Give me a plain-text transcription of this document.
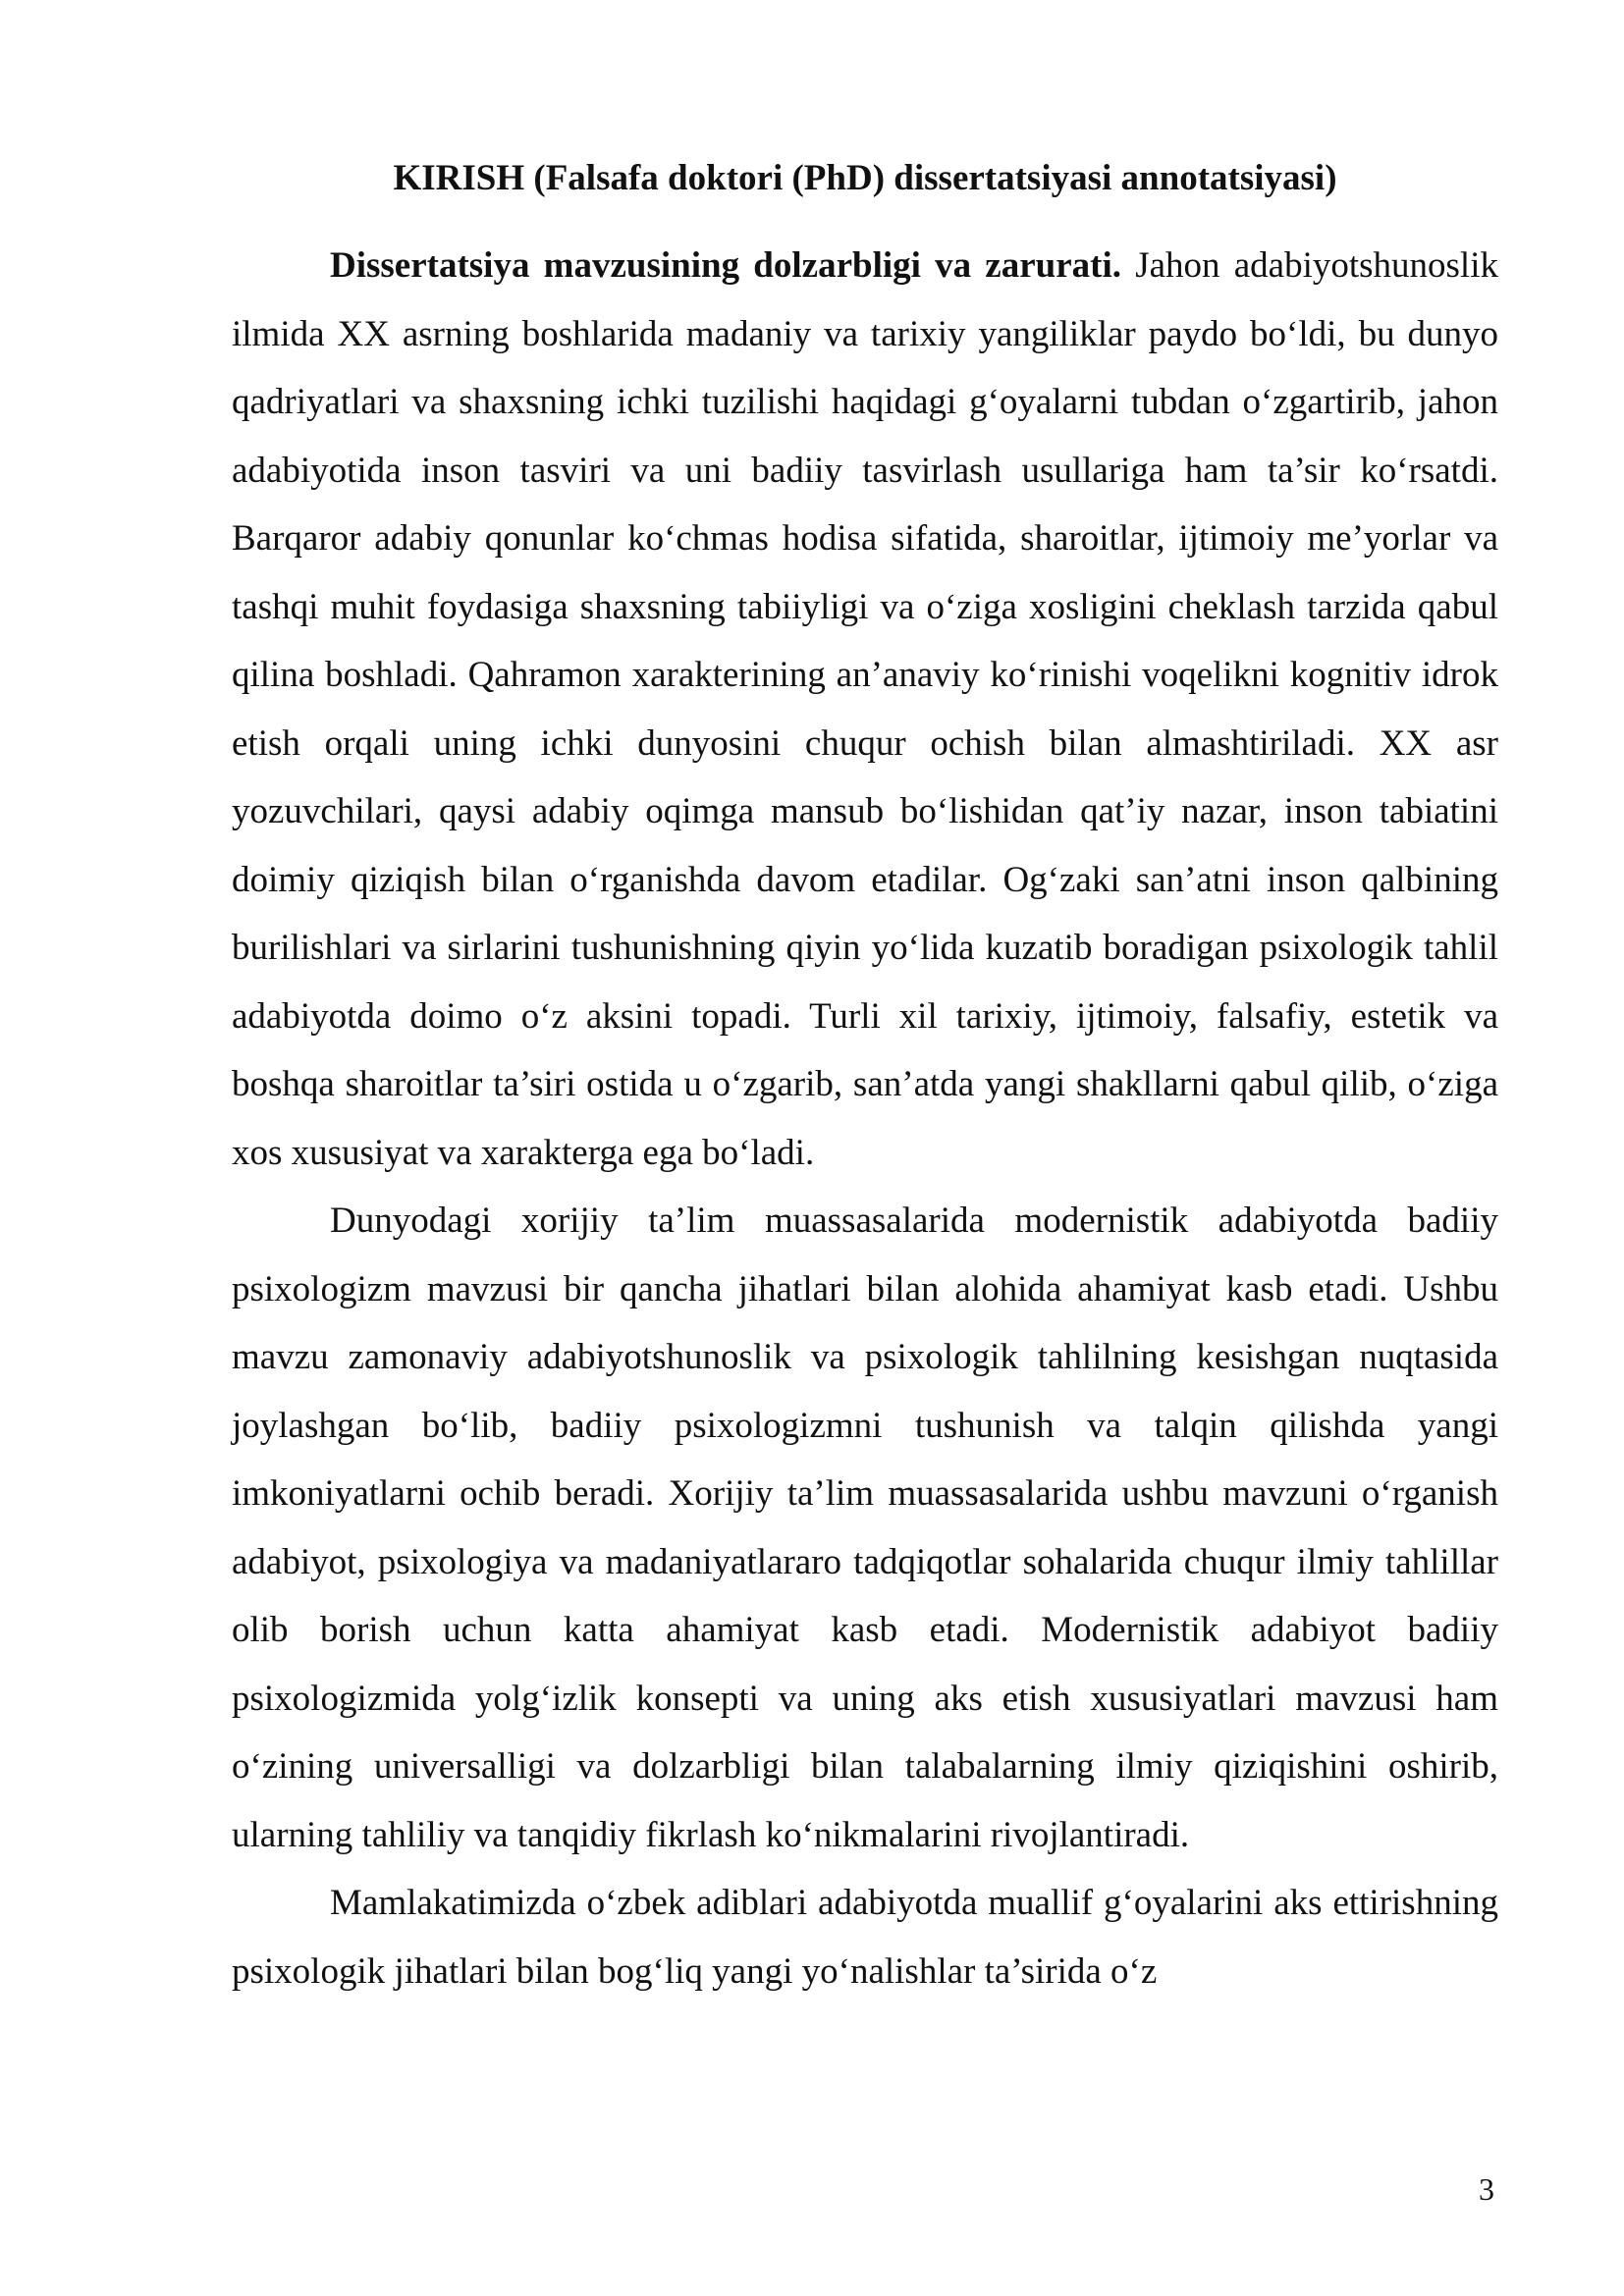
KIRISH (Falsafa doktori (PhD) dissertatsiyasi annotatsiyasi)

Dissertatsiya mavzusining dolzarbligi va zarurati. Jahon adabiyotshunoslik ilmida XX asrning boshlarida madaniy va tarixiy yangiliklar paydo bo‘ldi, bu dunyo qadriyatlari va shaxsning ichki tuzilishi haqidagi g‘oyalarni tubdan o‘zgartirib, jahon adabiyotida inson tasviri va uni badiiy tasvirlash usullariga ham ta’sir ko‘rsatdi. Barqaror adabiy qonunlar ko‘chmas hodisa sifatida, sharoitlar, ijtimoiy me’yorlar va tashqi muhit foydasiga shaxsning tabiiyligi va o‘ziga xosligini cheklash tarzida qabul qilina boshladi. Qahramon xarakterining an’anaviy ko‘rinishi voqelikni kognitiv idrok etish orqali uning ichki dunyosini chuqur ochish bilan almashtiriladi. XX asr yozuvchilari, qaysi adabiy oqimga mansub bo‘lishidan qat’iy nazar, inson tabiatini doimiy qiziqish bilan o‘rganishda davom etadilar. Og‘zaki san’atni inson qalbining burilishlari va sirlarini tushunishning qiyin yo‘lida kuzatib boradigan psixologik tahlil adabiyotda doimo o‘z aksini topadi. Turli xil tarixiy, ijtimoiy, falsafiy, estetik va boshqa sharoitlar ta’siri ostida u o‘zgarib, san’atda yangi shakllarni qabul qilib, o‘ziga xos xususiyat va xarakterga ega bo‘ladi.

Dunyodagi xorijiy ta’lim muassasalarida modernistik adabiyotda badiiy psixologizm mavzusi bir qancha jihatlari bilan alohida ahamiyat kasb etadi. Ushbu mavzu zamonaviy adabiyotshunoslik va psixologik tahlilning kesishgan nuqtasida joylashgan bo‘lib, badiiy psixologizmni tushunish va talqin qilishda yangi imkoniyatlarni ochib beradi. Xorijiy ta’lim muassasalarida ushbu mavzuni o‘rganish adabiyot, psixologiya va madaniyatlararo tadqiqotlar sohalarida chuqur ilmiy tahlillar olib borish uchun katta ahamiyat kasb etadi. Modernistik adabiyot badiiy psixologizmida yolg‘izlik konsepti va uning aks etish xususiyatlari mavzusi ham o‘zining universalligi va dolzarbligi bilan talabalarning ilmiy qiziqishini oshirib, ularning tahliliy va tanqidiy fikrlash ko‘nikmalarini rivojlantiradi.

Mamlakatimizda o‘zbek adiblari adabiyotda muallif g‘oyalarini aks ettirishning psixologik jihatlari bilan bog‘liq yangi yo‘nalishlar ta’sirida o‘z

3
